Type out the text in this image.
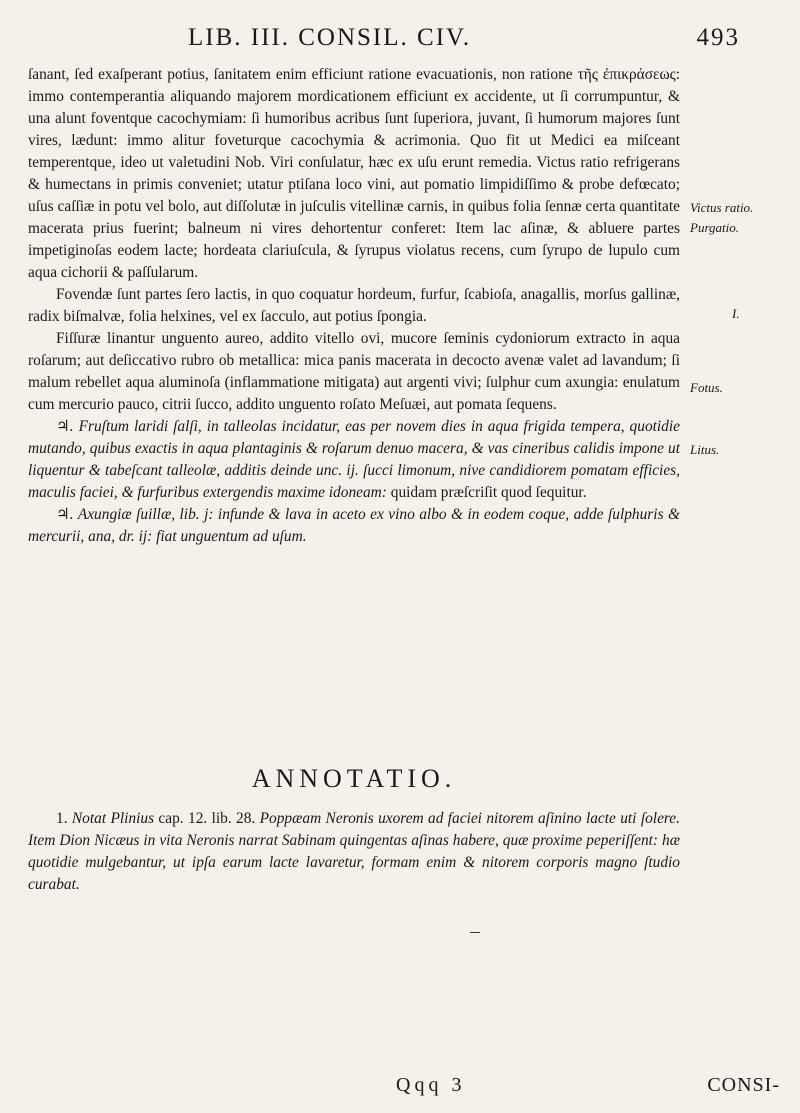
LIB. III. CONSIL. CIV.	493

ſanant, ſed exaſperant potius, ſanitatem enim efficiunt ratione evacuationis, non ratione τῆς ἐπικράσεως: immo contemperantia aliquando majorem mordicationem efficiunt ex accidente, ut ſi corrumpuntur, & una alunt foventque cacochymiam: ſi humoribus acribus ſunt ſuperiora, juvant, ſi humorum majores ſunt vires, lædunt: immo alitur foveturque cacochymia & acrimonia. Quo fit ut Medici ea miſceant temperentque, ideo ut valetudini Nob. Viri conſulatur, hæc ex uſu erunt remedia. Victus ratio refrigerans & humectans in primis conveniet; utatur ptiſana loco vini, aut pomatio limpidiſſimo & probe defœcato; uſus caſſiæ in potu vel bolo, aut diſſolutæ in juſculis vitellinæ carnis, in quibus folia ſennæ certa quantitate macerata prius fuerint; balneum ni vires dehortentur conferet: Item lac aſinæ, & abluere partes impetiginoſas eodem lacte; hordeata clariuſcula, & ſyrupus violatus recens, cum ſyrupo de lupulo cum aqua cichorii & paſſularum.

Fovendæ ſunt partes ſero lactis, in quo coquatur hordeum, furfur, ſcabioſa, anagallis, morſus gallinæ, radix biſmalvæ, folia helxines, vel ex ſacculo, aut potius ſpongia.

Fiſſuræ linantur unguento aureo, addito vitello ovi, mucore ſeminis cydoniorum extracto in aqua roſarum; aut deſiccativo rubro ob metallica: mica panis macerata in decocto avenæ valet ad lavandum; ſi malum rebellet aqua aluminoſa (inflammatione mitigata) aut argenti vivi; ſulphur cum axungia: enulatum cum mercurio pauco, citrii ſucco, addito unguento roſato Meſuæi, aut pomata ſequens.

♃. Fruſtum laridi ſalſi, in talleolas incidatur, eas per novem dies in aqua frigida tempera, quotidie mutando, quibus exactis in aqua plantaginis & roſarum denuo macera, & vas cineribus calidis impone ut liquentur & tabeſcant talleolæ, additis deinde unc. ij. ſucci limonum, nive candidiorem pomatam efficies, maculis faciei, & furfuribus extergendis maxime idoneam: quidam præſcriſit quod ſequitur.

♃. Axungiæ ſuillæ, lib. j: infunde & lava in aceto ex vino albo & in eodem coque, adde ſulphuris & mercurii, ana, dr. ij: fiat unguentum ad uſum.

Victus ratio.
Purgatio.
I.
Fotus.
Litus.
ANNOTATIO.

1. Notat Plinius cap. 12. lib. 28. Poppæam Neronis uxorem ad faciei nitorem aſinino lacte uti ſolere. Item Dion Nicæus in vita Neronis narrat Sabinam quingentas aſinas habere, quæ proxime peperiſſent: hæ quotidie mulgebantur, ut ipſa earum lacte lavaretur, formam enim & nitorem corporis magno ſtudio curabat.

Qqq 3	CONSI-
